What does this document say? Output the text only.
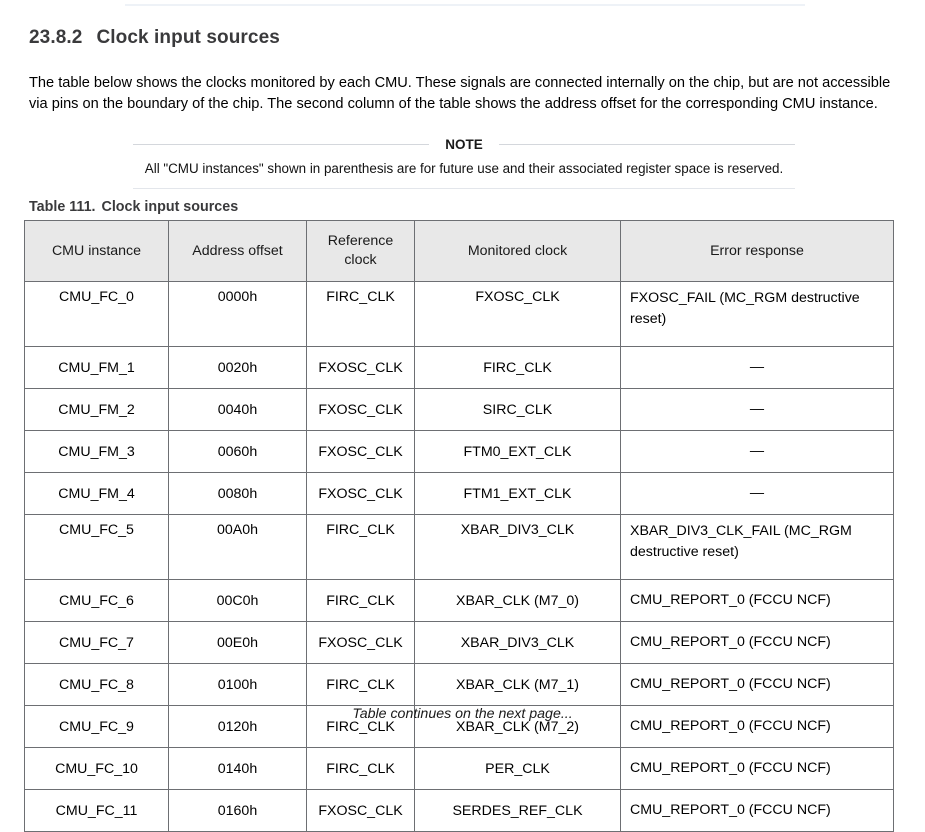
23.8.2 Clock input sources

The table below shows the clocks monitored by each CMU. These signals are connected internally on the chip, but are not accessible via pins on the boundary of the chip. The second column of the table shows the address offset for the corresponding CMU instance.

NOTE
All "CMU instances" shown in parenthesis are for future use and their associated register space is reserved.
Table 111. Clock input sources
CMU instance	Address offset	Reference clock	Monitored clock	Error response
CMU_FC_0	0000h	FIRC_CLK	FXOSC_CLK	FXOSC_FAIL (MC_RGM destructive reset)
CMU_FM_1	0020h	FXOSC_CLK	FIRC_CLK	—
CMU_FM_2	0040h	FXOSC_CLK	SIRC_CLK	—
CMU_FM_3	0060h	FXOSC_CLK	FTM0_EXT_CLK	—
CMU_FM_4	0080h	FXOSC_CLK	FTM1_EXT_CLK	—
CMU_FC_5	00A0h	FIRC_CLK	XBAR_DIV3_CLK	XBAR_DIV3_CLK_FAIL (MC_RGM destructive reset)
CMU_FC_6	00C0h	FIRC_CLK	XBAR_CLK (M7_0)	CMU_REPORT_0 (FCCU NCF)
CMU_FC_7	00E0h	FXOSC_CLK	XBAR_DIV3_CLK	CMU_REPORT_0 (FCCU NCF)
CMU_FC_8	0100h	FIRC_CLK	XBAR_CLK (M7_1)	CMU_REPORT_0 (FCCU NCF)
CMU_FC_9	0120h	FIRC_CLK	XBAR_CLK (M7_2)	CMU_REPORT_0 (FCCU NCF)
CMU_FC_10	0140h	FIRC_CLK	PER_CLK	CMU_REPORT_0 (FCCU NCF)
CMU_FC_11	0160h	FXOSC_CLK	SERDES_REF_CLK	CMU_REPORT_0 (FCCU NCF)
Table continues on the next page...
